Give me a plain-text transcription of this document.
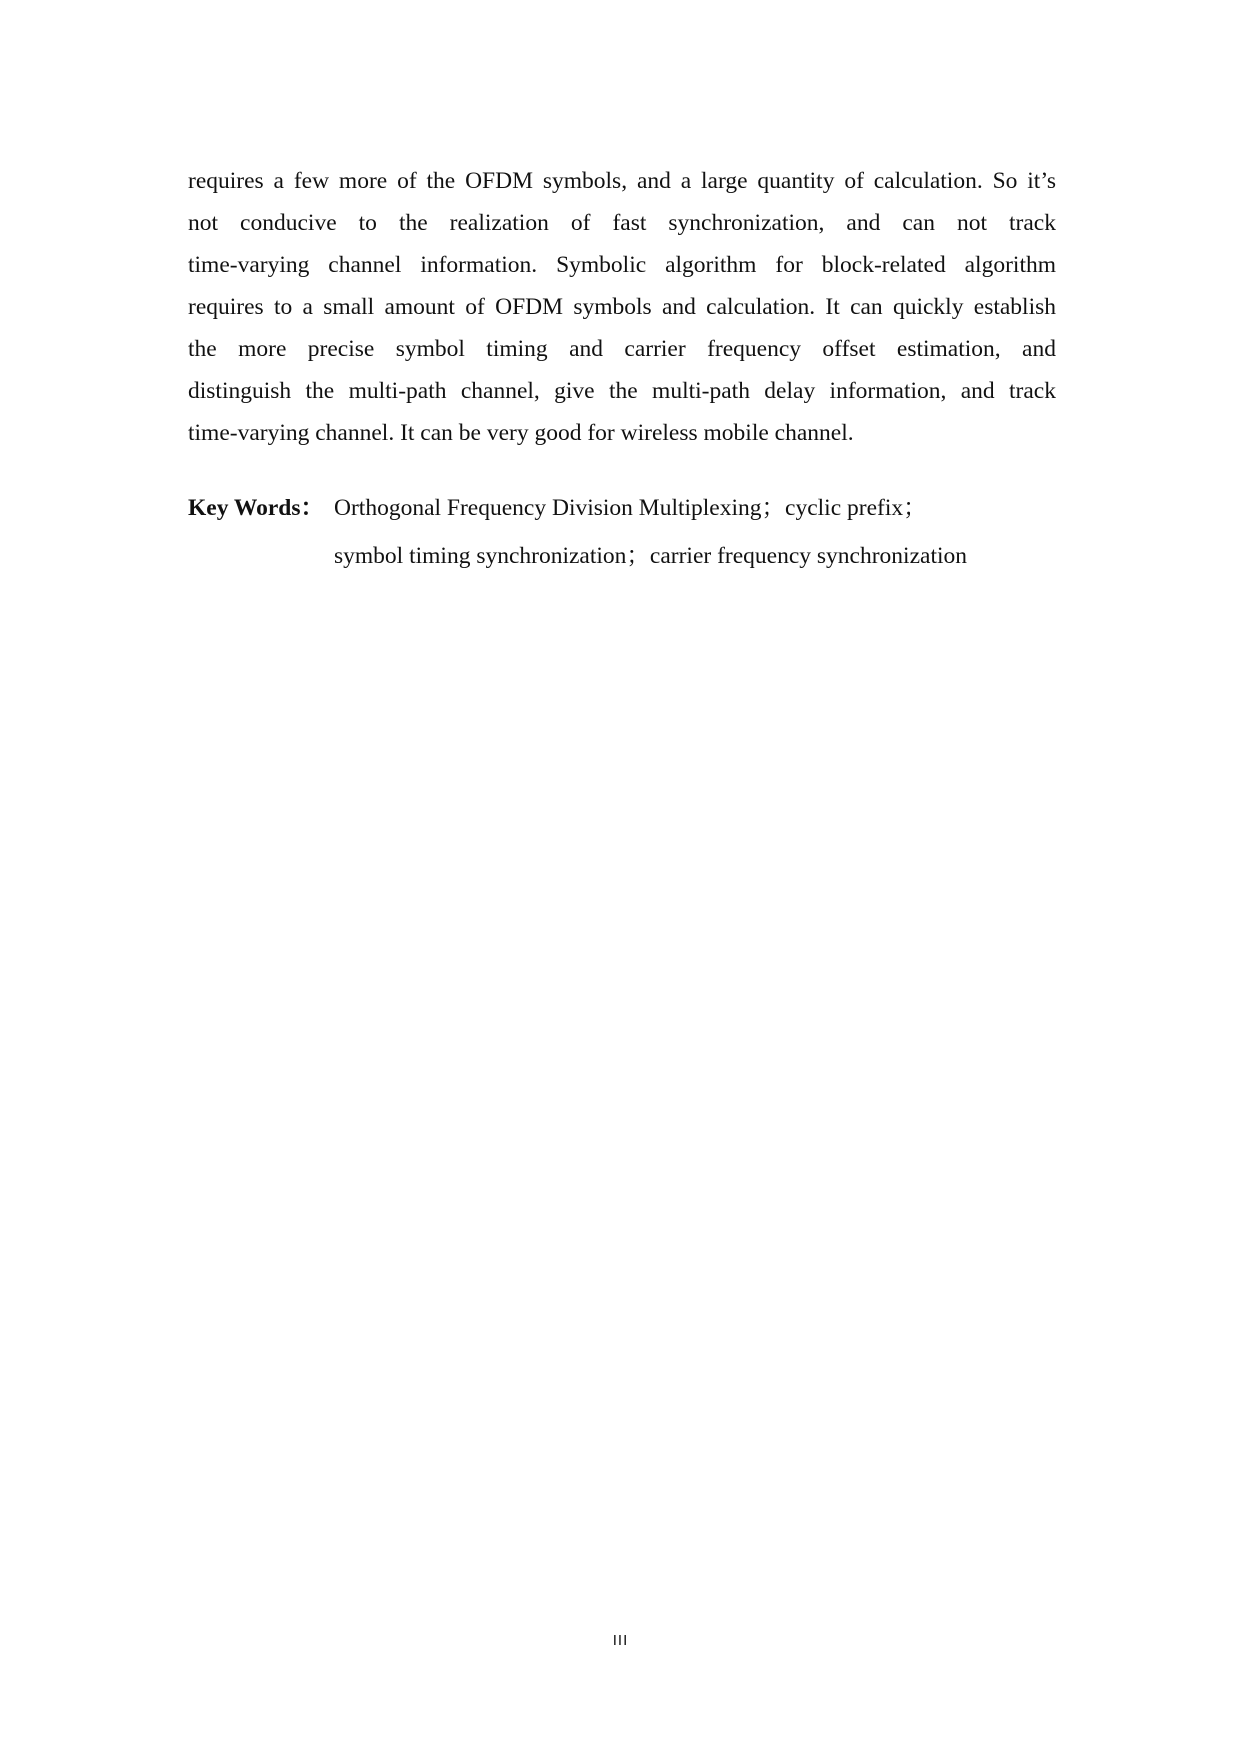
requires a few more of the OFDM symbols, and a large quantity of calculation. So it’s
not conducive to the realization of fast synchronization, and can not track
time-varying channel information. Symbolic algorithm for block-related algorithm
requires to a small amount of OFDM symbols and calculation. It can quickly establish
the more precise symbol timing and carrier frequency offset estimation, and
distinguish the multi-path channel, give the multi-path delay information, and track
time-varying channel. It can be very good for wireless mobile channel.
Key Words： Orthogonal Frequency Division Multiplexing；cyclic prefix；
symbol timing synchronization；carrier frequency synchronization
III
